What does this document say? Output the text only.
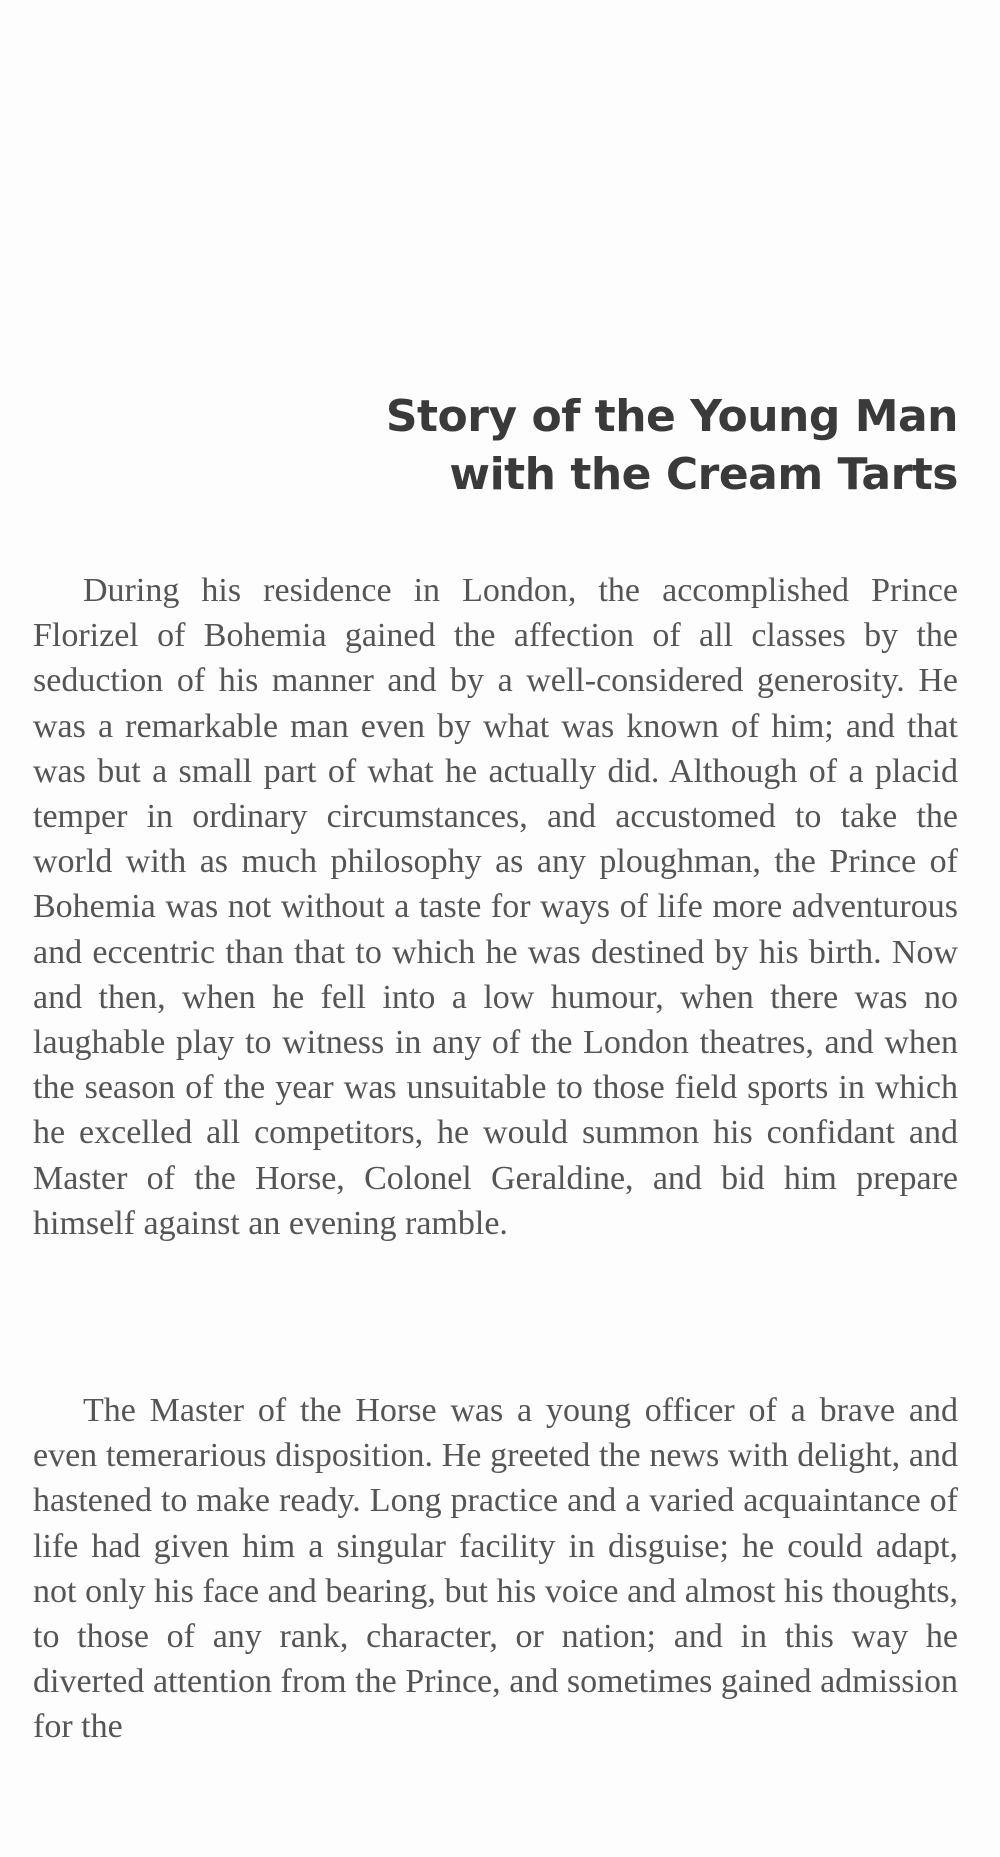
Story of the Young Man
with the Cream Tarts

During his residence in London, the accomplished Prince Florizel of Bohemia gained the affection of all classes by the seduction of his manner and by a well-considered generosity. He was a remarkable man even by what was known of him; and that was but a small part of what he actually did. Although of a placid temper in ordinary circumstances, and accustomed to take the world with as much philosophy as any ploughman, the Prince of Bohemia was not without a taste for ways of life more adventurous and eccentric than that to which he was destined by his birth. Now and then, when he fell into a low humour, when there was no laughable play to witness in any of the London theatres, and when the season of the year was unsuitable to those field sports in which he excelled all competitors, he would summon his confidant and Master of the Horse, Colonel Geraldine, and bid him prepare himself against an evening ramble.

The Master of the Horse was a young officer of a brave and even temerarious disposition. He greeted the news with delight, and hastened to make ready. Long practice and a varied acquaintance of life had given him a singular facility in disguise; he could adapt, not only his face and bearing, but his voice and almost his thoughts, to those of any rank, character, or nation; and in this way he diverted attention from the Prince, and sometimes gained admission for the
